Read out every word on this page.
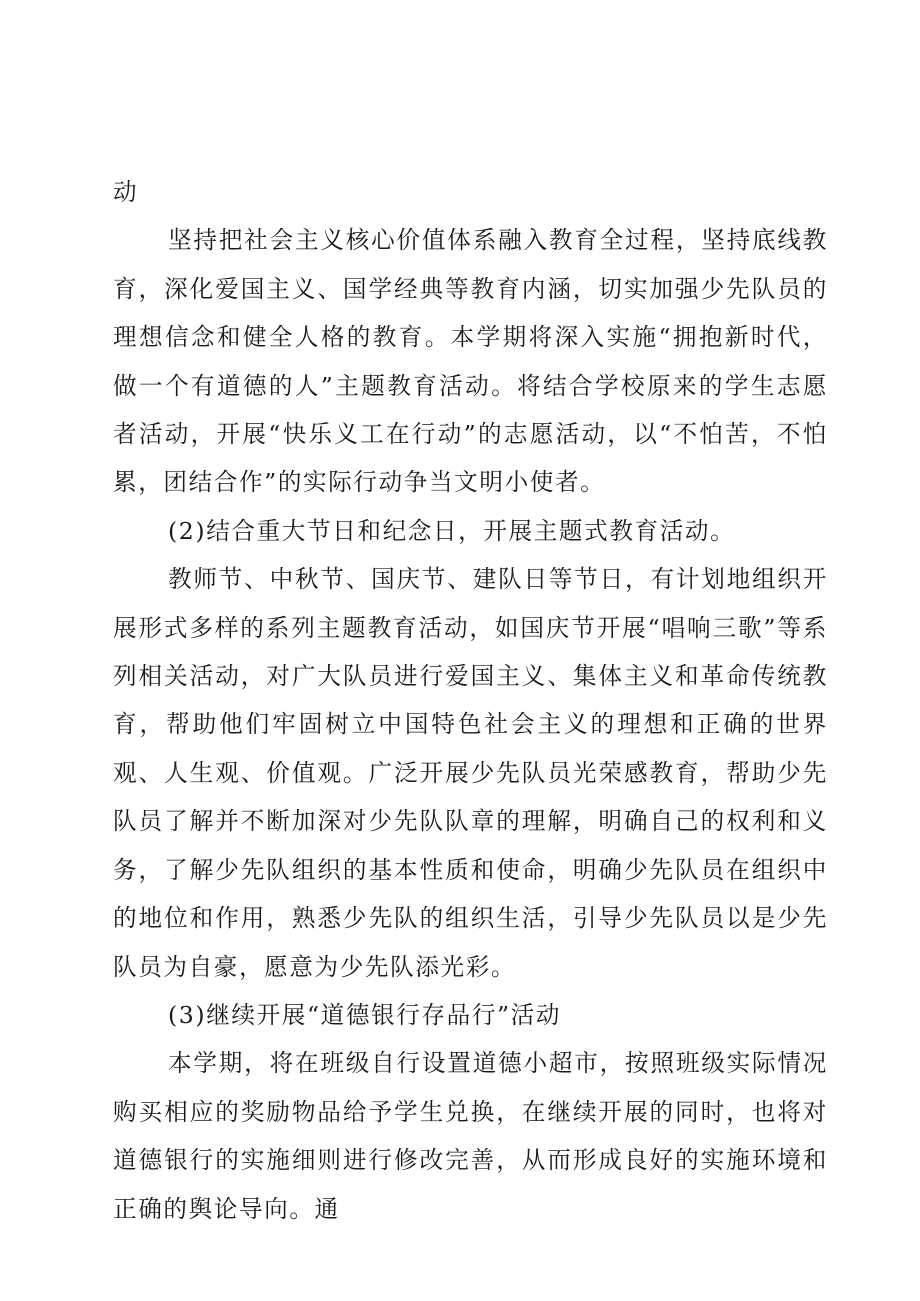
动

坚持把社会主义核心价值体系融入教育全过程，坚持底线教育，深化爱国主义、国学经典等教育内涵，切实加强少先队员的理想信念和健全人格的教育。本学期将深入实施“拥抱新时代，做一个有道德的人”主题教育活动。将结合学校原来的学生志愿者活动，开展“快乐义工在行动”的志愿活动，以“不怕苦，不怕累，团结合作”的实际行动争当文明小使者。

(2)结合重大节日和纪念日，开展主题式教育活动。

教师节、中秋节、国庆节、建队日等节日，有计划地组织开展形式多样的系列主题教育活动，如国庆节开展“唱响三歌”等系列相关活动，对广大队员进行爱国主义、集体主义和革命传统教育，帮助他们牢固树立中国特色社会主义的理想和正确的世界观、人生观、价值观。广泛开展少先队员光荣感教育，帮助少先队员了解并不断加深对少先队队章的理解，明确自己的权利和义务，了解少先队组织的基本性质和使命，明确少先队员在组织中的地位和作用，熟悉少先队的组织生活，引导少先队员以是少先队员为自豪，愿意为少先队添光彩。

(3)继续开展“道德银行存品行”活动

本学期，将在班级自行设置道德小超市，按照班级实际情况购买相应的奖励物品给予学生兑换，在继续开展的同时，也将对道德银行的实施细则进行修改完善，从而形成良好的实施环境和正确的舆论导向。通
